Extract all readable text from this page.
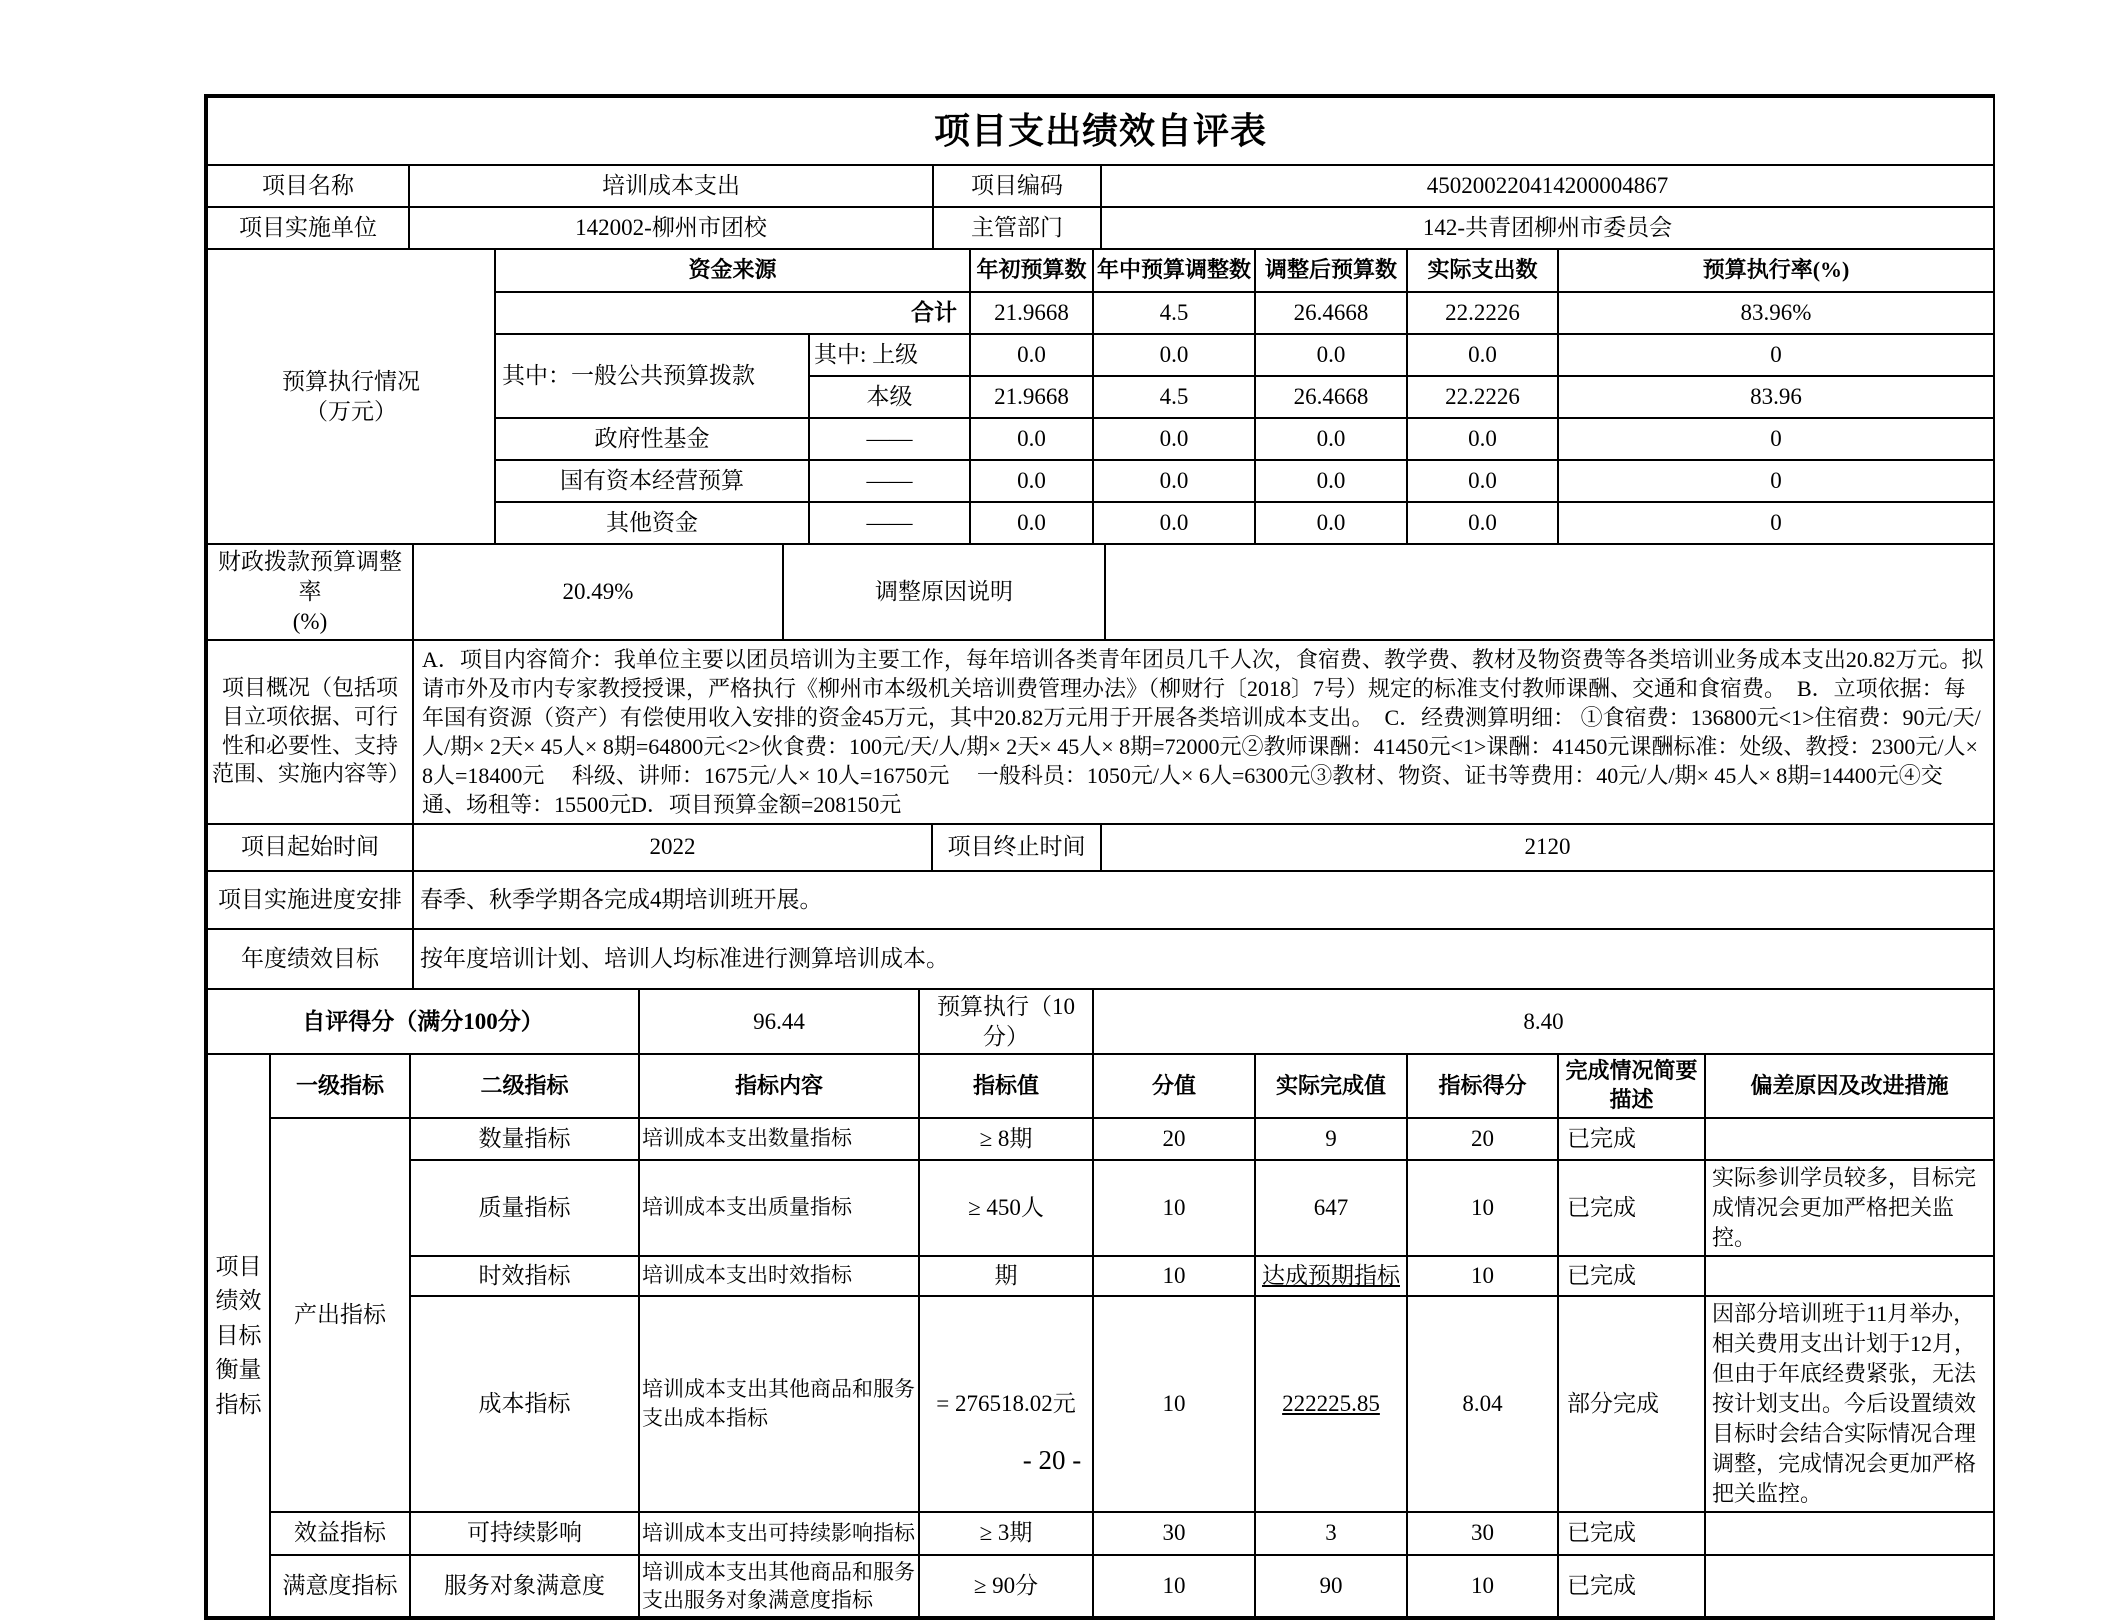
项目支出绩效自评表
项目名称	培训成本支出	项目编码	450200220414200004867
项目实施单位	142002-柳州市团校	主管部门	142-共青团柳州市委员会
预算执行情况
（万元）	资金来源		年初预算数	年中预算调整数	调整后预算数	实际支出数	预算执行率(%)
	合计		21.9668	4.5	26.4668	22.2226	83.96%
	其中：一般公共预算拨款	其中: 上级	0.0	0.0	0.0	0.0	0
		本级	21.9668	4.5	26.4668	22.2226	83.96
	政府性基金	——	0.0	0.0	0.0	0.0	0
	国有资本经营预算	——	0.0	0.0	0.0	0.0	0
	其他资金	——	0.0	0.0	0.0	0.0	0
财政拨款预算调整率
(%)
	20.49%	调整原因说明	
项目概况（包括项目立项依据、可行性和必要性、支持范围、实施内容等）	A．项目内容简介：我单位主要以团员培训为主要工作，每年培训各类青年团员几千人次，食宿费、教学费、教材及物资费等各类培训业务成本支出20.82万元。拟请市外及市内专家教授授课，严格执行《柳州市本级机关培训费管理办法》（柳财行〔2018〕7号）规定的标准支付教师课酬、交通和食宿费。  B．立项依据：每年国有资源（资产）有偿使用收入安排的资金45万元，其中20.82万元用于开展各类培训成本支出。  C．经费测算明细： ①食宿费：136800元<1>住宿费：90元/天/人/期× 2天× 45人× 8期=64800元<2>伙食费：100元/天/人/期× 2天× 45人× 8期=72000元②教师课酬：41450元<1>课酬：41450元课酬标准：处级、教授：2300元/人× 8人=18400元     科级、讲师：1675元/人× 10人=16750元     一般科员：1050元/人× 6人=6300元③教材、物资、证书等费用：40元/人/期× 45人× 8期=14400元④交通、场租等：15500元D．项目预算金额=208150元
项目起始时间	2022	项目终止时间	2120
项目实施进度安排	春季、秋季学期各完成4期培训班开展。
年度绩效目标	按年度培训计划、培训人均标准进行测算培训成本。
自评得分（满分100分）	96.44	预算执行（10分）	8.40
项目绩效目标衡量指标	一级指标	二级指标	指标内容	指标值	分值	实际完成值	指标得分	完成情况简要描述	偏差原因及改进措施
	产出指标	数量指标	培训成本支出数量指标	≥ 8期	20	9	20	已完成	
		质量指标	培训成本支出质量指标	≥ 450人	10	647	10	已完成	实际参训学员较多，目标完成情况会更加严格把关监控。
		时效指标	培训成本支出时效指标	期	10	达成预期指标	10	已完成	
		成本指标	培训成本支出其他商品和服务支出成本指标	= 276518.02元	10	222225.85	8.04	部分完成	因部分培训班于11月举办，相关费用支出计划于12月，但由于年底经费紧张，无法按计划支出。今后设置绩效目标时会结合实际情况合理调整，完成情况会更加严格把关监控。
	效益指标	可持续影响	培训成本支出可持续影响指标	≥ 3期	30	3	30	已完成	
	满意度指标	服务对象满意度	培训成本支出其他商品和服务支出服务对象满意度指标	≥ 90分	10	90	10	已完成	
- 20 -
